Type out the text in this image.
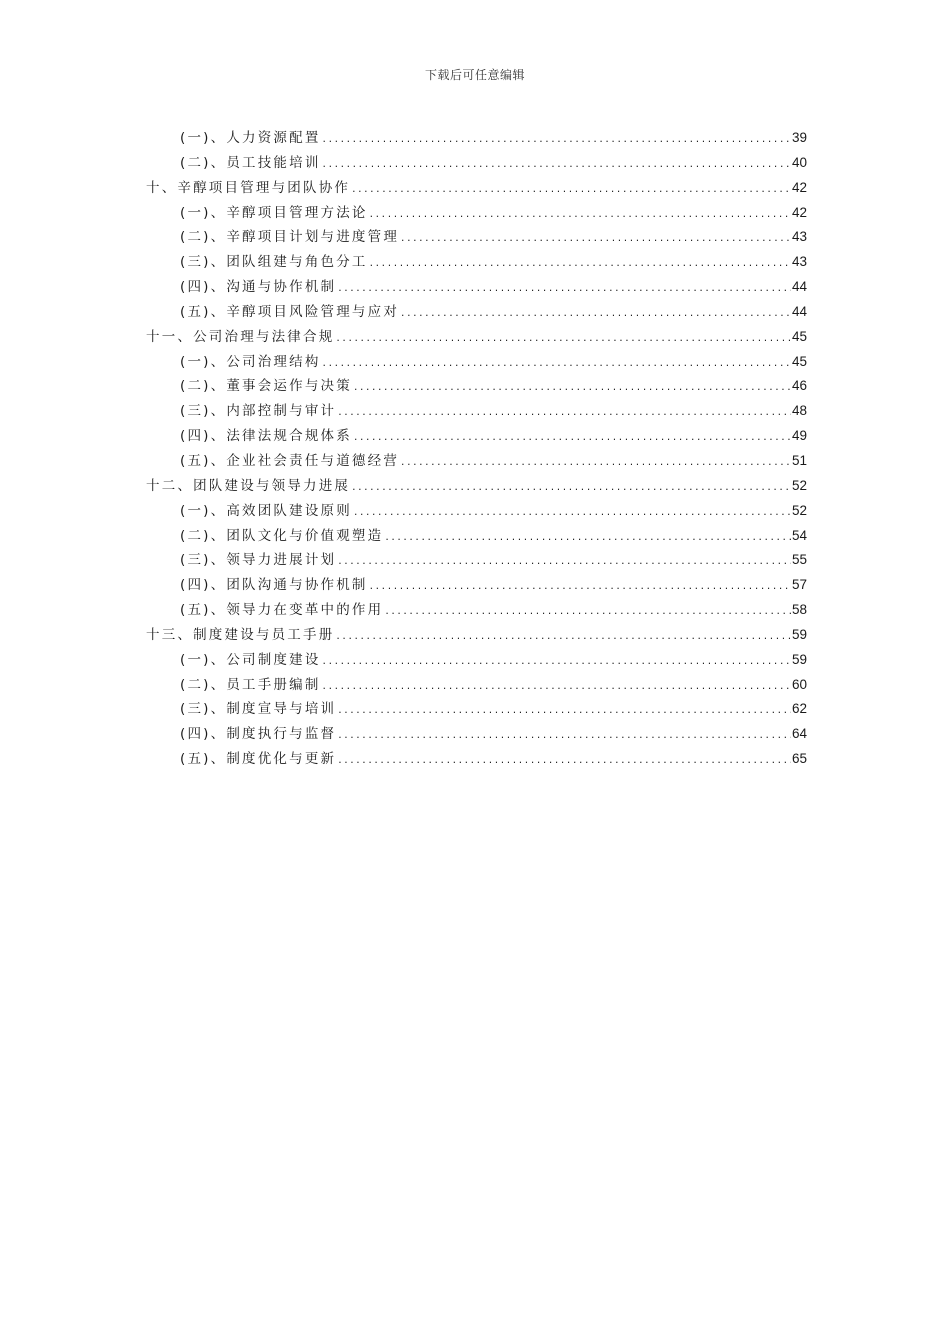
下载后可任意编辑
(一)、人力资源配置 .....	39
(二)、员工技能培训 .....	40
十、辛醇项目管理与团队协作 .....	42
(一)、辛醇项目管理方法论 .....	42
(二)、辛醇项目计划与进度管理 .....	43
(三)、团队组建与角色分工 .....	43
(四)、沟通与协作机制 .....	44
(五)、辛醇项目风险管理与应对 .....	44
十一、公司治理与法律合规 .....	45
(一)、公司治理结构 .....	45
(二)、董事会运作与决策 .....	46
(三)、内部控制与审计 .....	48
(四)、法律法规合规体系 .....	49
(五)、企业社会责任与道德经营 .....	51
十二、团队建设与领导力进展 .....	52
(一)、高效团队建设原则 .....	52
(二)、团队文化与价值观塑造 .....	54
(三)、领导力进展计划 .....	55
(四)、团队沟通与协作机制 .....	57
(五)、领导力在变革中的作用 .....	58
十三、制度建设与员工手册 .....	59
(一)、公司制度建设 .....	59
(二)、员工手册编制 .....	60
(三)、制度宣导与培训 .....	62
(四)、制度执行与监督 .....	64
(五)、制度优化与更新 .....	65
